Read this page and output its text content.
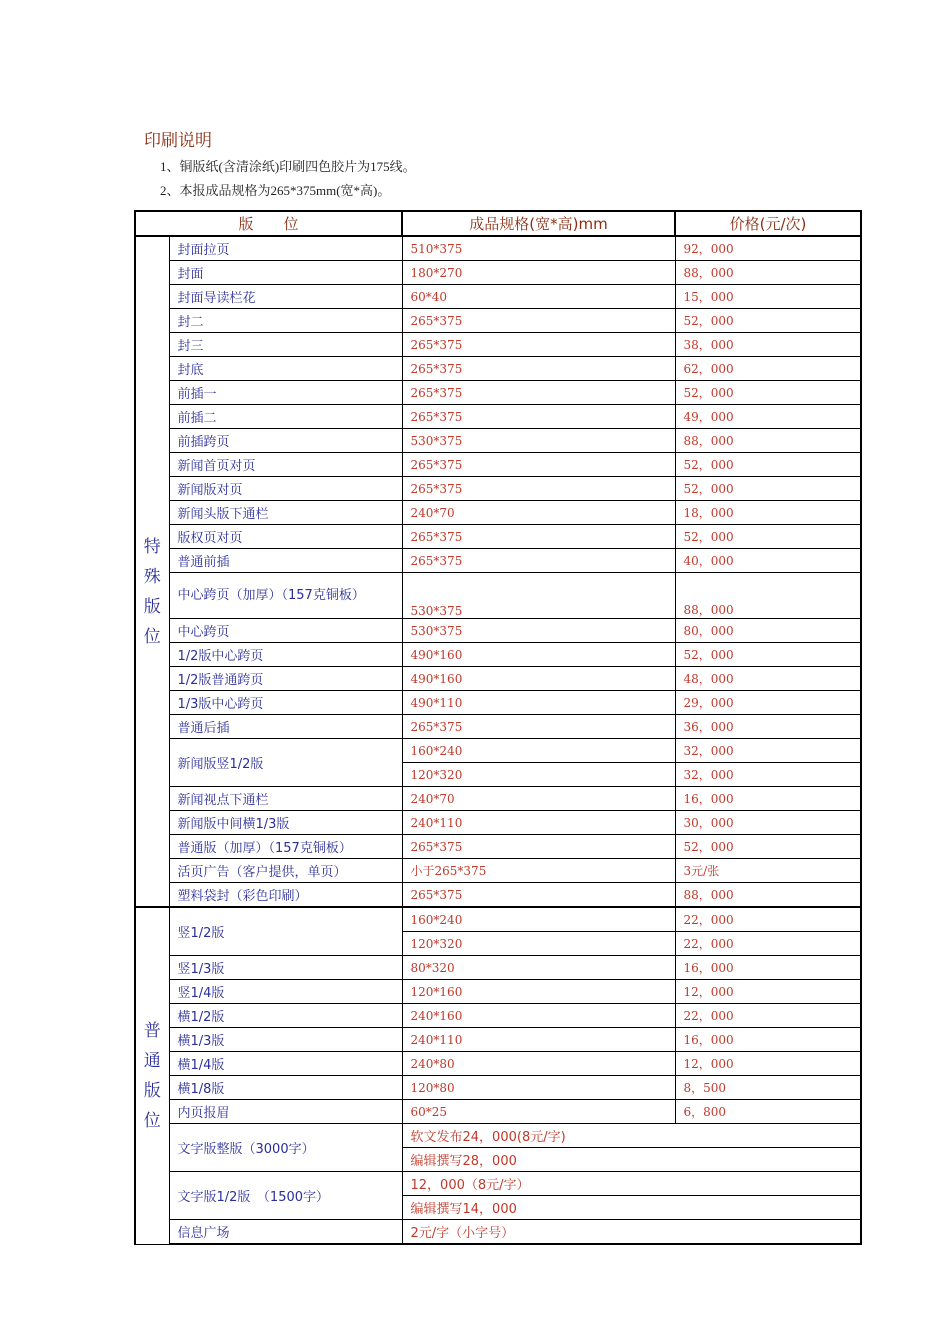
印刷说明
1、铜版纸(含清涂纸)印刷四色胶片为175线。
2、本报成品规格为265*375mm(宽*高)。
版　　位		成品规格(宽*高)mm	价格(元/次)
特
殊
版
位	封面拉页	510*375	92，000
	封面	180*270	88，000
	封面导读栏花	60*40	15，000
	封二	265*375	52，000
	封三	265*375	38，000
	封底	265*375	62，000
	前插一	265*375	52，000
	前插二	265*375	49，000
	前插跨页	530*375	88，000
	新闻首页对页	265*375	52，000
	新闻版对页	265*375	52，000
	新闻头版下通栏	240*70	18，000
	版权页对页	265*375	52，000
	普通前插	265*375	40，000
	中心跨页（加厚）（157克铜板）	530*375	88，000
	中心跨页	530*375	80，000
	1/2版中心跨页	490*160	52，000
	1/2版普通跨页	490*160	48，000
	1/3版中心跨页	490*110	29，000
	普通后插	265*375	36，000
	新闻版竖1/2版	160*240	32，000
		120*320	32，000
	新闻视点下通栏	240*70	16，000
	新闻版中间横1/3版	240*110	30，000
	普通版（加厚）（157克铜板）	265*375	52，000
	活页广告（客户提供，单页）	小于265*375	3元/张
	塑料袋封（彩色印刷）	265*375	88，000
普
通
版
位	竖1/2版	160*240	22，000
		120*320	22，000
	竖1/3版	80*320	16，000
	竖1/4版	120*160	12，000
	横1/2版	240*160	22，000
	横1/3版	240*110	16，000
	横1/4版	240*80	12，000
	横1/8版	120*80	8，500
	内页报眉	60*25	6，800
	文字版整版（3000字）	软文发布24，000(8元/字)	
		编辑撰写28，000	
	文字版1/2版　（1500字）	12，000（8元/字）	
		编辑撰写14，000	
	信息广场	2元/字（小字号）	
